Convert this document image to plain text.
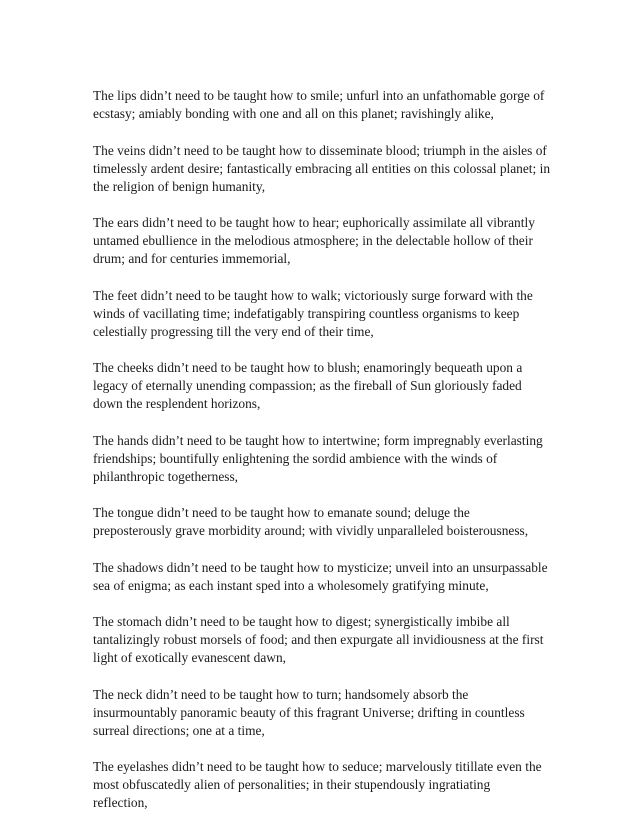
The lips didn’t need to be taught how to smile; unfurl into an unfathomable gorge of
ecstasy; amiably bonding with one and all on this planet; ravishingly alike,

The veins didn’t need to be taught how to disseminate blood; triumph in the aisles of
timelessly ardent desire; fantastically embracing all entities on this colossal planet; in
the religion of benign humanity,

The ears didn’t need to be taught how to hear; euphorically assimilate all vibrantly
untamed ebullience in the melodious atmosphere; in the delectable hollow of their
drum; and for centuries immemorial,

The feet didn’t need to be taught how to walk; victoriously surge forward with the
winds of vacillating time; indefatigably transpiring countless organisms to keep
celestially progressing till the very end of their time,

The cheeks didn’t need to be taught how to blush; enamoringly bequeath upon a
legacy of eternally unending compassion; as the fireball of Sun gloriously faded
down the resplendent horizons,

The hands didn’t need to be taught how to intertwine; form impregnably everlasting
friendships; bountifully enlightening the sordid ambience with the winds of
philanthropic togetherness,

The tongue didn’t need to be taught how to emanate sound; deluge the
preposterously grave morbidity around; with vividly unparalleled boisterousness,

The shadows didn’t need to be taught how to mysticize; unveil into an unsurpassable
sea of enigma; as each instant sped into a wholesomely gratifying minute,

The stomach didn’t need to be taught how to digest; synergistically imbibe all
tantalizingly robust morsels of food; and then expurgate all invidiousness at the first
light of exotically evanescent dawn,

The neck didn’t need to be taught how to turn; handsomely absorb the
insurmountably panoramic beauty of this fragrant Universe; drifting in countless
surreal directions; one at a time,

The eyelashes didn’t need to be taught how to seduce; marvelously titillate even the
most obfuscatedly alien of personalities; in their stupendously ingratiating
reflection,
